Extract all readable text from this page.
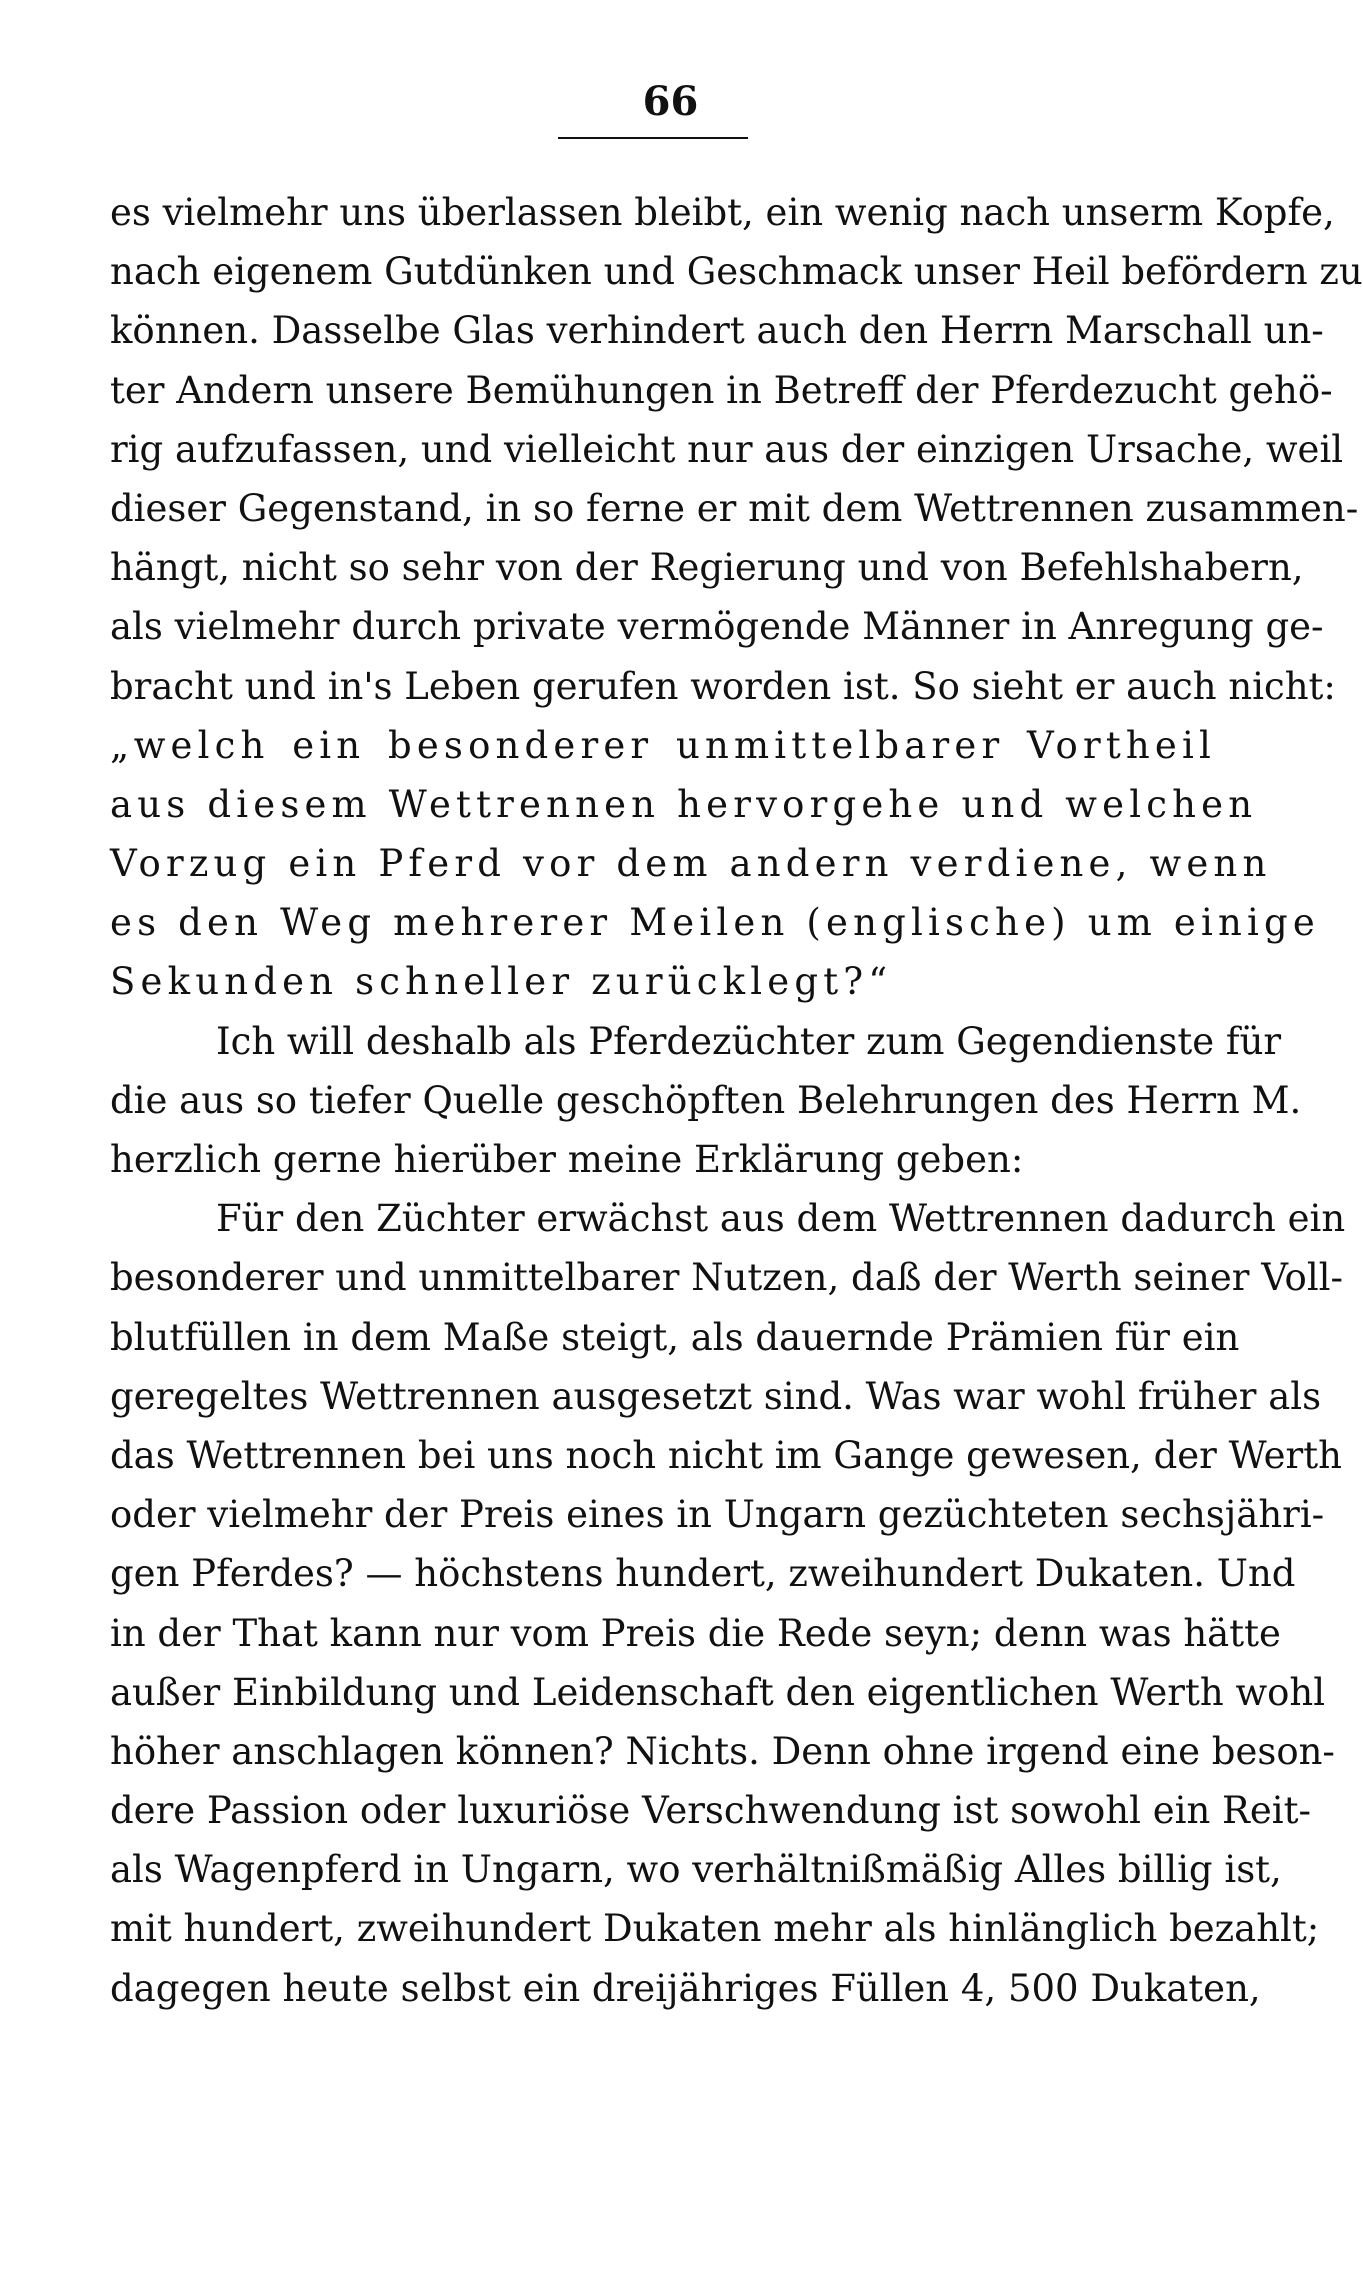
66
es vielmehr uns überlassen bleibt, ein wenig nach unserm Kopfe,
nach eigenem Gutdünken und Geschmack unser Heil befördern zu
können. Dasselbe Glas verhindert auch den Herrn Marschall un-
ter Andern unsere Bemühungen in Betreff der Pferdezucht gehö-
rig aufzufassen, und vielleicht nur aus der einzigen Ursache, weil
dieser Gegenstand, in so ferne er mit dem Wettrennen zusammen-
hängt, nicht so sehr von der Regierung und von Befehlshabern,
als vielmehr durch private vermögende Männer in Anregung ge-
bracht und in's Leben gerufen worden ist. So sieht er auch nicht:
„welch ein besonderer unmittelbarer Vortheil
aus diesem Wettrennen hervorgehe und welchen
Vorzug ein Pferd vor dem andern verdiene, wenn
es den Weg mehrerer Meilen (englische) um einige
Sekunden schneller zurücklegt?“
Ich will deshalb als Pferdezüchter zum Gegendienste für
die aus so tiefer Quelle geschöpften Belehrungen des Herrn M.
herzlich gerne hierüber meine Erklärung geben:
Für den Züchter erwächst aus dem Wettrennen dadurch ein
besonderer und unmittelbarer Nutzen, daß der Werth seiner Voll-
blutfüllen in dem Maße steigt, als dauernde Prämien für ein
geregeltes Wettrennen ausgesetzt sind. Was war wohl früher als
das Wettrennen bei uns noch nicht im Gange gewesen, der Werth
oder vielmehr der Preis eines in Ungarn gezüchteten sechsjähri-
gen Pferdes? — höchstens hundert, zweihundert Dukaten. Und
in der That kann nur vom Preis die Rede seyn; denn was hätte
außer Einbildung und Leidenschaft den eigentlichen Werth wohl
höher anschlagen können? Nichts. Denn ohne irgend eine beson-
dere Passion oder luxuriöse Verschwendung ist sowohl ein Reit-
als Wagenpferd in Ungarn, wo verhältnißmäßig Alles billig ist,
mit hundert, zweihundert Dukaten mehr als hinlänglich bezahlt;
dagegen heute selbst ein dreijähriges Füllen 4, 500 Dukaten,
